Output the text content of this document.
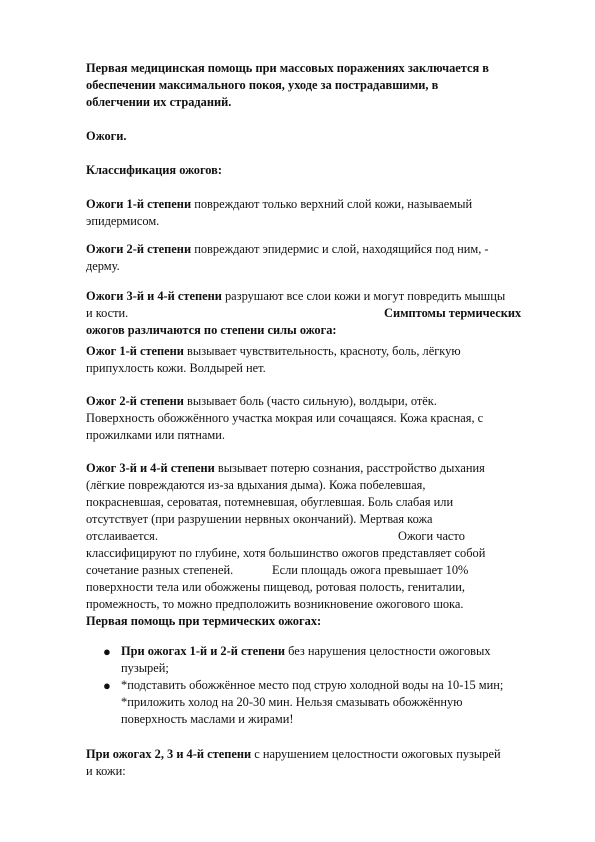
Первая медицинская помощь при массовых поражениях заключается в
обеспечении максимального покоя, уходе за пострадавшими, в
облегчении их страданий.

Ожоги.

Классификация ожогов:

Ожоги 1-й степени повреждают только верхний слой кожи, называемый
эпидермисом.

Ожоги 2-й степени повреждают эпидермис и слой, находящийся под ним, -
дерму.

Ожоги 3-й и 4-й степени разрушают все слои кожи и могут повредить мышцы
и кости.	Симптомы термических
ожогов различаются по степени силы ожога:

Ожог 1-й степени вызывает чувствительность, красноту, боль, лёгкую
припухлость кожи. Волдырей нет.

Ожог 2-й степени вызывает боль (часто сильную), волдыри, отёк.
Поверхность обожжённого участка мокрая или сочащаяся. Кожа красная, с
прожилками или пятнами.

Ожог 3-й и 4-й степени вызывает потерю сознания, расстройство дыхания
(лёгкие повреждаются из-за вдыхания дыма). Кожа побелевшая,
покрасневшая, сероватая, потемневшая, обуглевшая. Боль слабая или
отсутствует (при разрушении нервных окончаний). Мертвая кожа
отслаивается.	Ожоги часто
классифицируют по глубине, хотя большинство ожогов представляет собой
сочетание разных степеней.	Если площадь ожога превышает 10%
поверхности тела или обожжены пищевод, ротовая полость, гениталии,
промежность, то можно предположить возникновение ожогового шока.

Первая помощь при термических ожогах:

● При ожогах 1-й и 2-й степени без нарушения целостности ожоговых
пузырей;

● *подставить обожжённое место под струю холодной воды на 10-15 мин;
*приложить холод на 20-30 мин. Нельзя смазывать обожжённую
поверхность маслами и жирами!

При ожогах 2, 3 и 4-й степени с нарушением целостности ожоговых пузырей
и кожи:
